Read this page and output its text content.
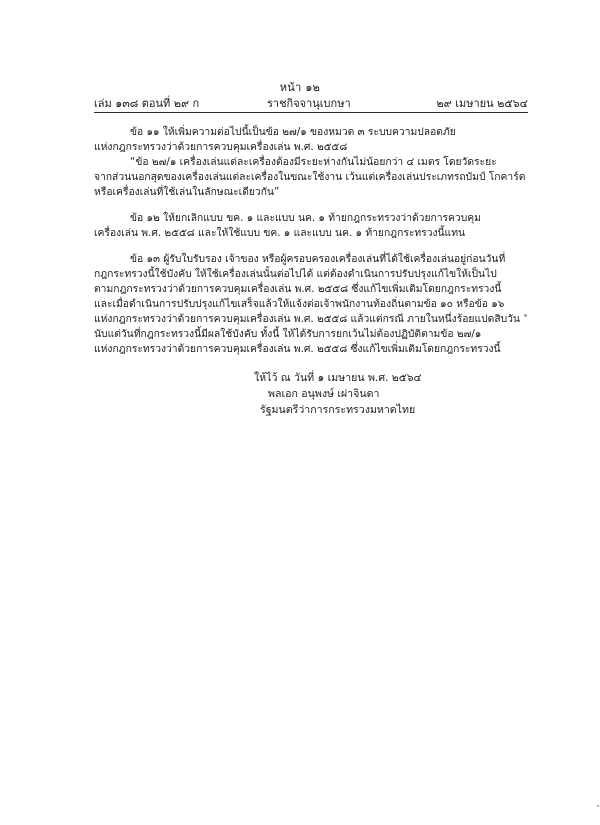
หน้า ๑๒
เล่ม ๑๓๘ ตอนที่ ๒๙ ก	ราชกิจจานุเบกษา	๒๙ เมษายน ๒๕๖๔
ข้อ ๑๑ ให้เพิ่มความต่อไปนี้เป็นข้อ ๒๗/๑ ของหมวด ๓ ระบบความปลอดภัย
แห่งกฎกระทรวงว่าด้วยการควบคุมเครื่องเล่น พ.ศ. ๒๕๕๘
“ข้อ ๒๗/๑ เครื่องเล่นแต่ละเครื่องต้องมีระยะห่างกันไม่น้อยกว่า ๔ เมตร โดยวัดระยะ
จากส่วนนอกสุดของเครื่องเล่นแต่ละเครื่องในขณะใช้งาน เว้นแต่เครื่องเล่นประเภทรถบัมป์ โกคาร์ต
หรือเครื่องเล่นที่ใช้เล่นในลักษณะเดียวกัน”
ข้อ ๑๒ ให้ยกเลิกแบบ ขค. ๑ และแบบ นค. ๑ ท้ายกฎกระทรวงว่าด้วยการควบคุม
เครื่องเล่น พ.ศ. ๒๕๕๘ และให้ใช้แบบ ขค. ๑ และแบบ นค. ๑ ท้ายกฎกระทรวงนี้แทน
ข้อ ๑๓ ผู้รับใบรับรอง เจ้าของ หรือผู้ครอบครองเครื่องเล่นที่ได้ใช้เครื่องเล่นอยู่ก่อนวันที่
กฎกระทรวงนี้ใช้บังคับ ให้ใช้เครื่องเล่นนั้นต่อไปได้ แต่ต้องดำเนินการปรับปรุงแก้ไขให้เป็นไป
ตามกฎกระทรวงว่าด้วยการควบคุมเครื่องเล่น พ.ศ. ๒๕๕๘ ซึ่งแก้ไขเพิ่มเติมโดยกฎกระทรวงนี้
และเมื่อดำเนินการปรับปรุงแก้ไขเสร็จแล้วให้แจ้งต่อเจ้าพนักงานท้องถิ่นตามข้อ ๑๐ หรือข้อ ๑๖
แห่งกฎกระทรวงว่าด้วยการควบคุมเครื่องเล่น พ.ศ. ๒๕๕๘ แล้วแต่กรณี ภายในหนึ่งร้อยแปดสิบวัน
นับแต่วันที่กฎกระทรวงนี้มีผลใช้บังคับ ทั้งนี้ ให้ได้รับการยกเว้นไม่ต้องปฏิบัติตามข้อ ๒๗/๑
แห่งกฎกระทรวงว่าด้วยการควบคุมเครื่องเล่น พ.ศ. ๒๕๕๘ ซึ่งแก้ไขเพิ่มเติมโดยกฎกระทรวงนี้
ให้ไว้ ณ วันที่ ๑ เมษายน พ.ศ. ๒๕๖๔
พลเอก อนุพงษ์ เผ่าจินดา
รัฐมนตรีว่าการกระทรวงมหาดไทย
